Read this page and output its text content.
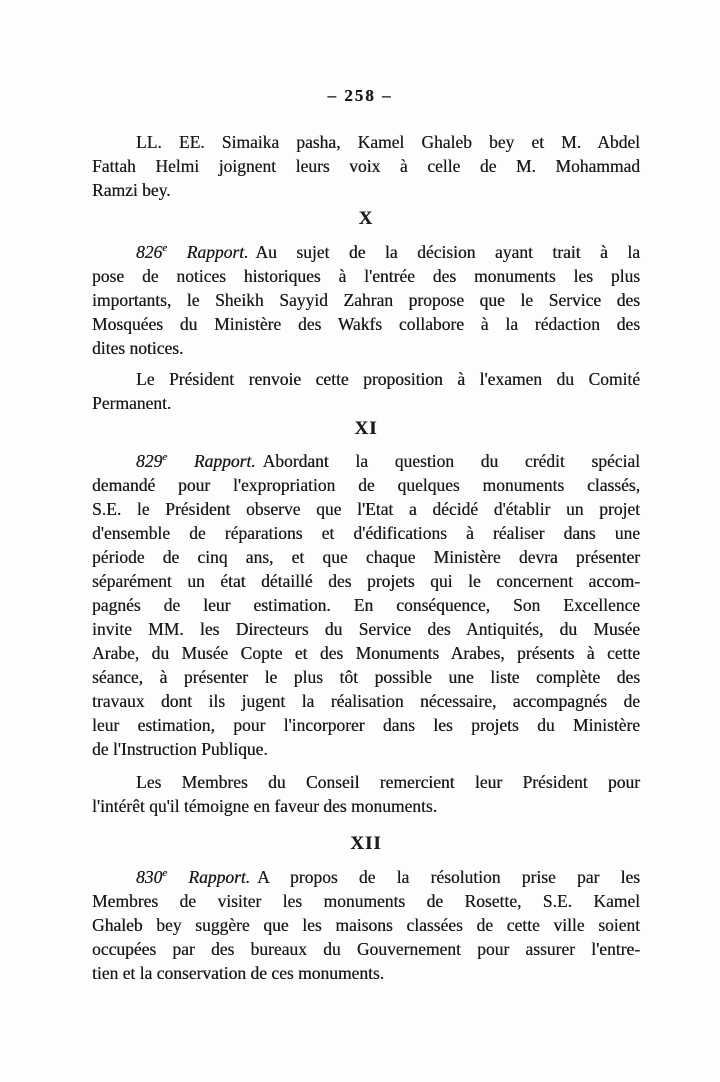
– 258 –
LL. EE. Simaika pasha, Kamel Ghaleb bey et M. Abdel
Fattah Helmi joignent leurs voix à celle de M. Mohammad
Ramzi bey.
X
826e Rapport. Au sujet de la décision ayant trait à la
pose de notices historiques à l'entrée des monuments les plus
importants, le Sheikh Sayyid Zahran propose que le Service des
Mosquées du Ministère des Wakfs collabore à la rédaction des
dites notices.
Le Président renvoie cette proposition à l'examen du Comité
Permanent.
XI
829e Rapport. Abordant la question du crédit spécial
demandé pour l'expropriation de quelques monuments classés,
S.E. le Président observe que l'Etat a décidé d'établir un projet
d'ensemble de réparations et d'édifications à réaliser dans une
période de cinq ans, et que chaque Ministère devra présenter
séparément un état détaillé des projets qui le concernent accom-
pagnés de leur estimation. En conséquence, Son Excellence
invite MM. les Directeurs du Service des Antiquités, du Musée
Arabe, du Musée Copte et des Monuments Arabes, présents à cette
séance, à présenter le plus tôt possible une liste complète des
travaux dont ils jugent la réalisation nécessaire, accompagnés de
leur estimation, pour l'incorporer dans les projets du Ministère
de l'Instruction Publique.
Les Membres du Conseil remercient leur Président pour
l'intérêt qu'il témoigne en faveur des monuments.
XII
830e Rapport. A propos de la résolution prise par les
Membres de visiter les monuments de Rosette, S.E. Kamel
Ghaleb bey suggère que les maisons classées de cette ville soient
occupées par des bureaux du Gouvernement pour assurer l'entre-
tien et la conservation de ces monuments.
